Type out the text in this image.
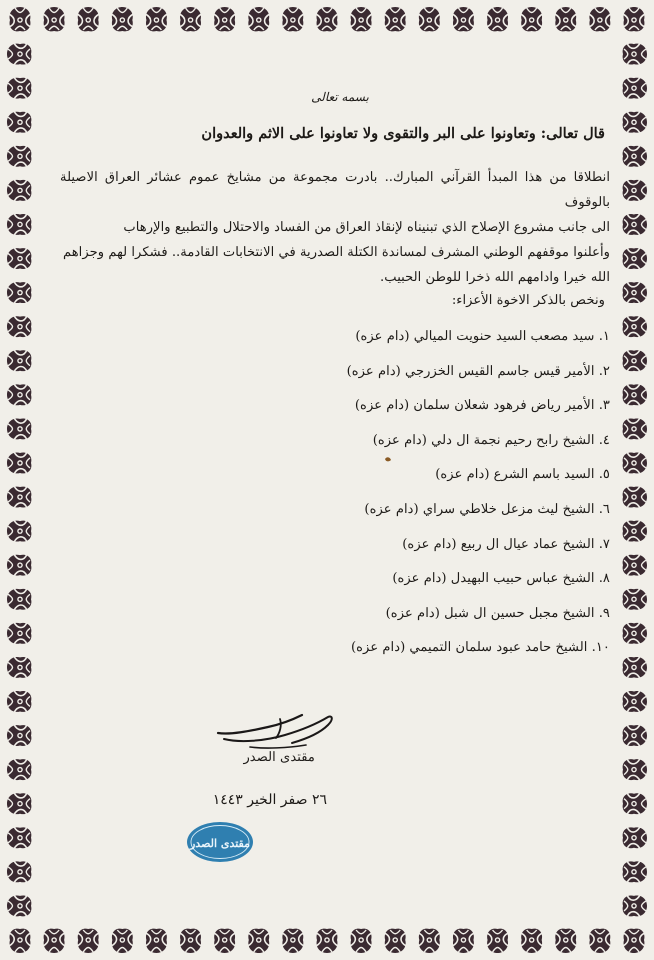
بسمه تعالى
قال تعالى: وتعاونوا على البر والتقوى ولا تعاونوا على الاثم والعدوان
انطلاقا من هذا المبدأ القرآني المبارك.. بادرت مجموعة من مشايخ عموم عشائر العراق الاصيلة بالوقوف
الى جانب مشروع الإصلاح الذي تبنيناه لإنقاذ العراق من الفساد والاحتلال والتطبيع والإرهاب
وأعلنوا موقفهم الوطني المشرف لمساندة الكتلة الصدرية في الانتخابات القادمة.. فشكرا لهم وجزاهم
الله خيرا وادامهم الله ذخرا للوطن الحبيب.
ونخص بالذكر الاخوة الأعزاء:
١. سيد مصعب السيد حنويت الميالي (دام عزه)
٢. الأمير قيس جاسم القيس الخزرجي (دام عزه)
٣. الأمير رياض فرهود شعلان سلمان (دام عزه)
٤. الشيخ رابح رحيم نجمة ال دلي (دام عزه)
٥. السيد باسم الشرع (دام عزه)
٦. الشيخ ليث مزعل خلاطي سراي (دام عزه)
٧. الشيخ عماد عيال ال ربيع (دام عزه)
٨. الشيخ عباس حبيب البهيدل (دام عزه)
٩. الشيخ مجبل حسين ال شبل (دام عزه)
١٠. الشيخ حامد عبود سلمان التميمي (دام عزه)
مقتدى الصدر
٢٦ صفر الخير ١٤٤٣
مقتدى الصدر
